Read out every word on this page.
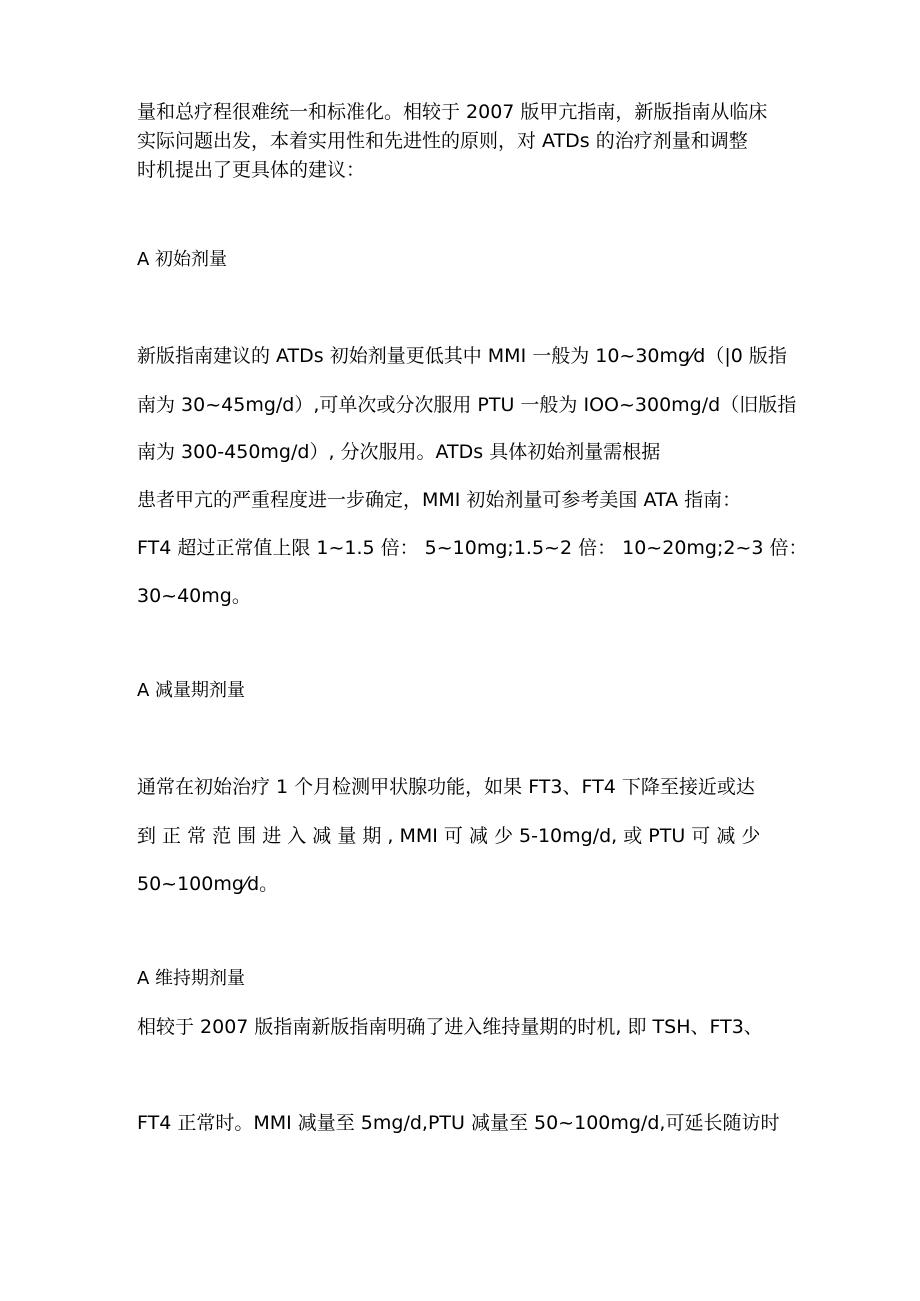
量和总疗程很难统一和标准化。相较于 2007 版甲亢指南，新版指南从临床

实际问题出发，本着实用性和先进性的原则，对 ATDs 的治疗剂量和调整

时机提出了更具体的建议：

A 初始剂量

新版指南建议的 ATDs 初始剂量更低其中 MMI 一般为 10~30mg⁄d（|0 版指

南为 30~45mg/d）,可单次或分次服用 PTU 一般为 IOO~300mg/d（旧版指

南为 300-450mg/d）, 分次服用。ATDs 具体初始剂量需根据

患者甲亢的严重程度进一步确定，MMI 初始剂量可参考美国 ATA 指南：

FT4 超过正常值上限 1~1.5 倍： 5~10mg;1.5~2 倍： 10~20mg;2~3 倍：

30~40mg。

A 减量期剂量

通常在初始治疗 1 个月检测甲状腺功能，如果 FT3、FT4 下降至接近或达

到 正 常 范 围 进 入 减 量 期 , MMI 可 减 少 5-10mg/d, 或 PTU 可 减 少

50~100mg⁄d。

A 维持期剂量

相较于 2007 版指南新版指南明确了进入维持量期的时机, 即 TSH、FT3、

FT4 正常时。MMI 减量至 5mg/d,PTU 减量至 50~100mg/d,可延长随访时
